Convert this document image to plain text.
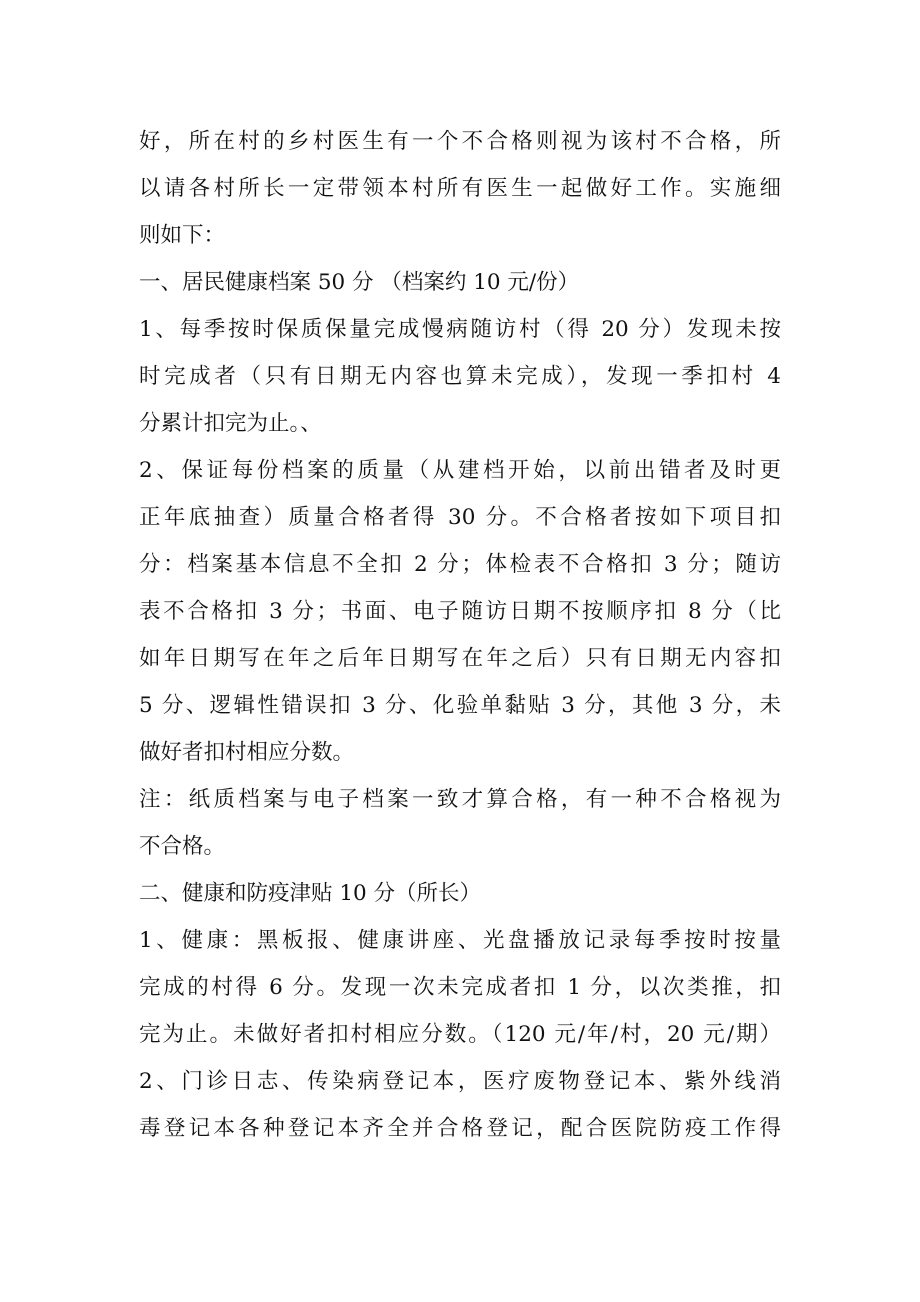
好，所在村的乡村医生有一个不合格则视为该村不合格，所
以请各村所长一定带领本村所有医生一起做好工作。实施细
则如下：
一、居民健康档案 50 分 （档案约 10 元/份）
1、每季按时保质保量完成慢病随访村（得 20 分）发现未按
时完成者（只有日期无内容也算未完成），发现一季扣村 4
分累计扣完为止。、
2、保证每份档案的质量（从建档开始，以前出错者及时更
正年底抽查）质量合格者得 30 分。不合格者按如下项目扣
分：档案基本信息不全扣 2 分；体检表不合格扣 3 分；随访
表不合格扣 3 分；书面、电子随访日期不按顺序扣 8 分（比
如年日期写在年之后年日期写在年之后）只有日期无内容扣
5 分、逻辑性错误扣 3 分、化验单黏贴 3 分，其他 3 分，未
做好者扣村相应分数。
注：纸质档案与电子档案一致才算合格，有一种不合格视为
不合格。
二、健康和防疫津贴 10 分（所长）
1、健康：黑板报、健康讲座、光盘播放记录每季按时按量
完成的村得 6 分。发现一次未完成者扣 1 分，以次类推，扣
完为止。未做好者扣村相应分数。（120 元/年/村，20 元/期）
2、门诊日志、传染病登记本，医疗废物登记本、紫外线消
毒登记本各种登记本齐全并合格登记，配合医院防疫工作得
